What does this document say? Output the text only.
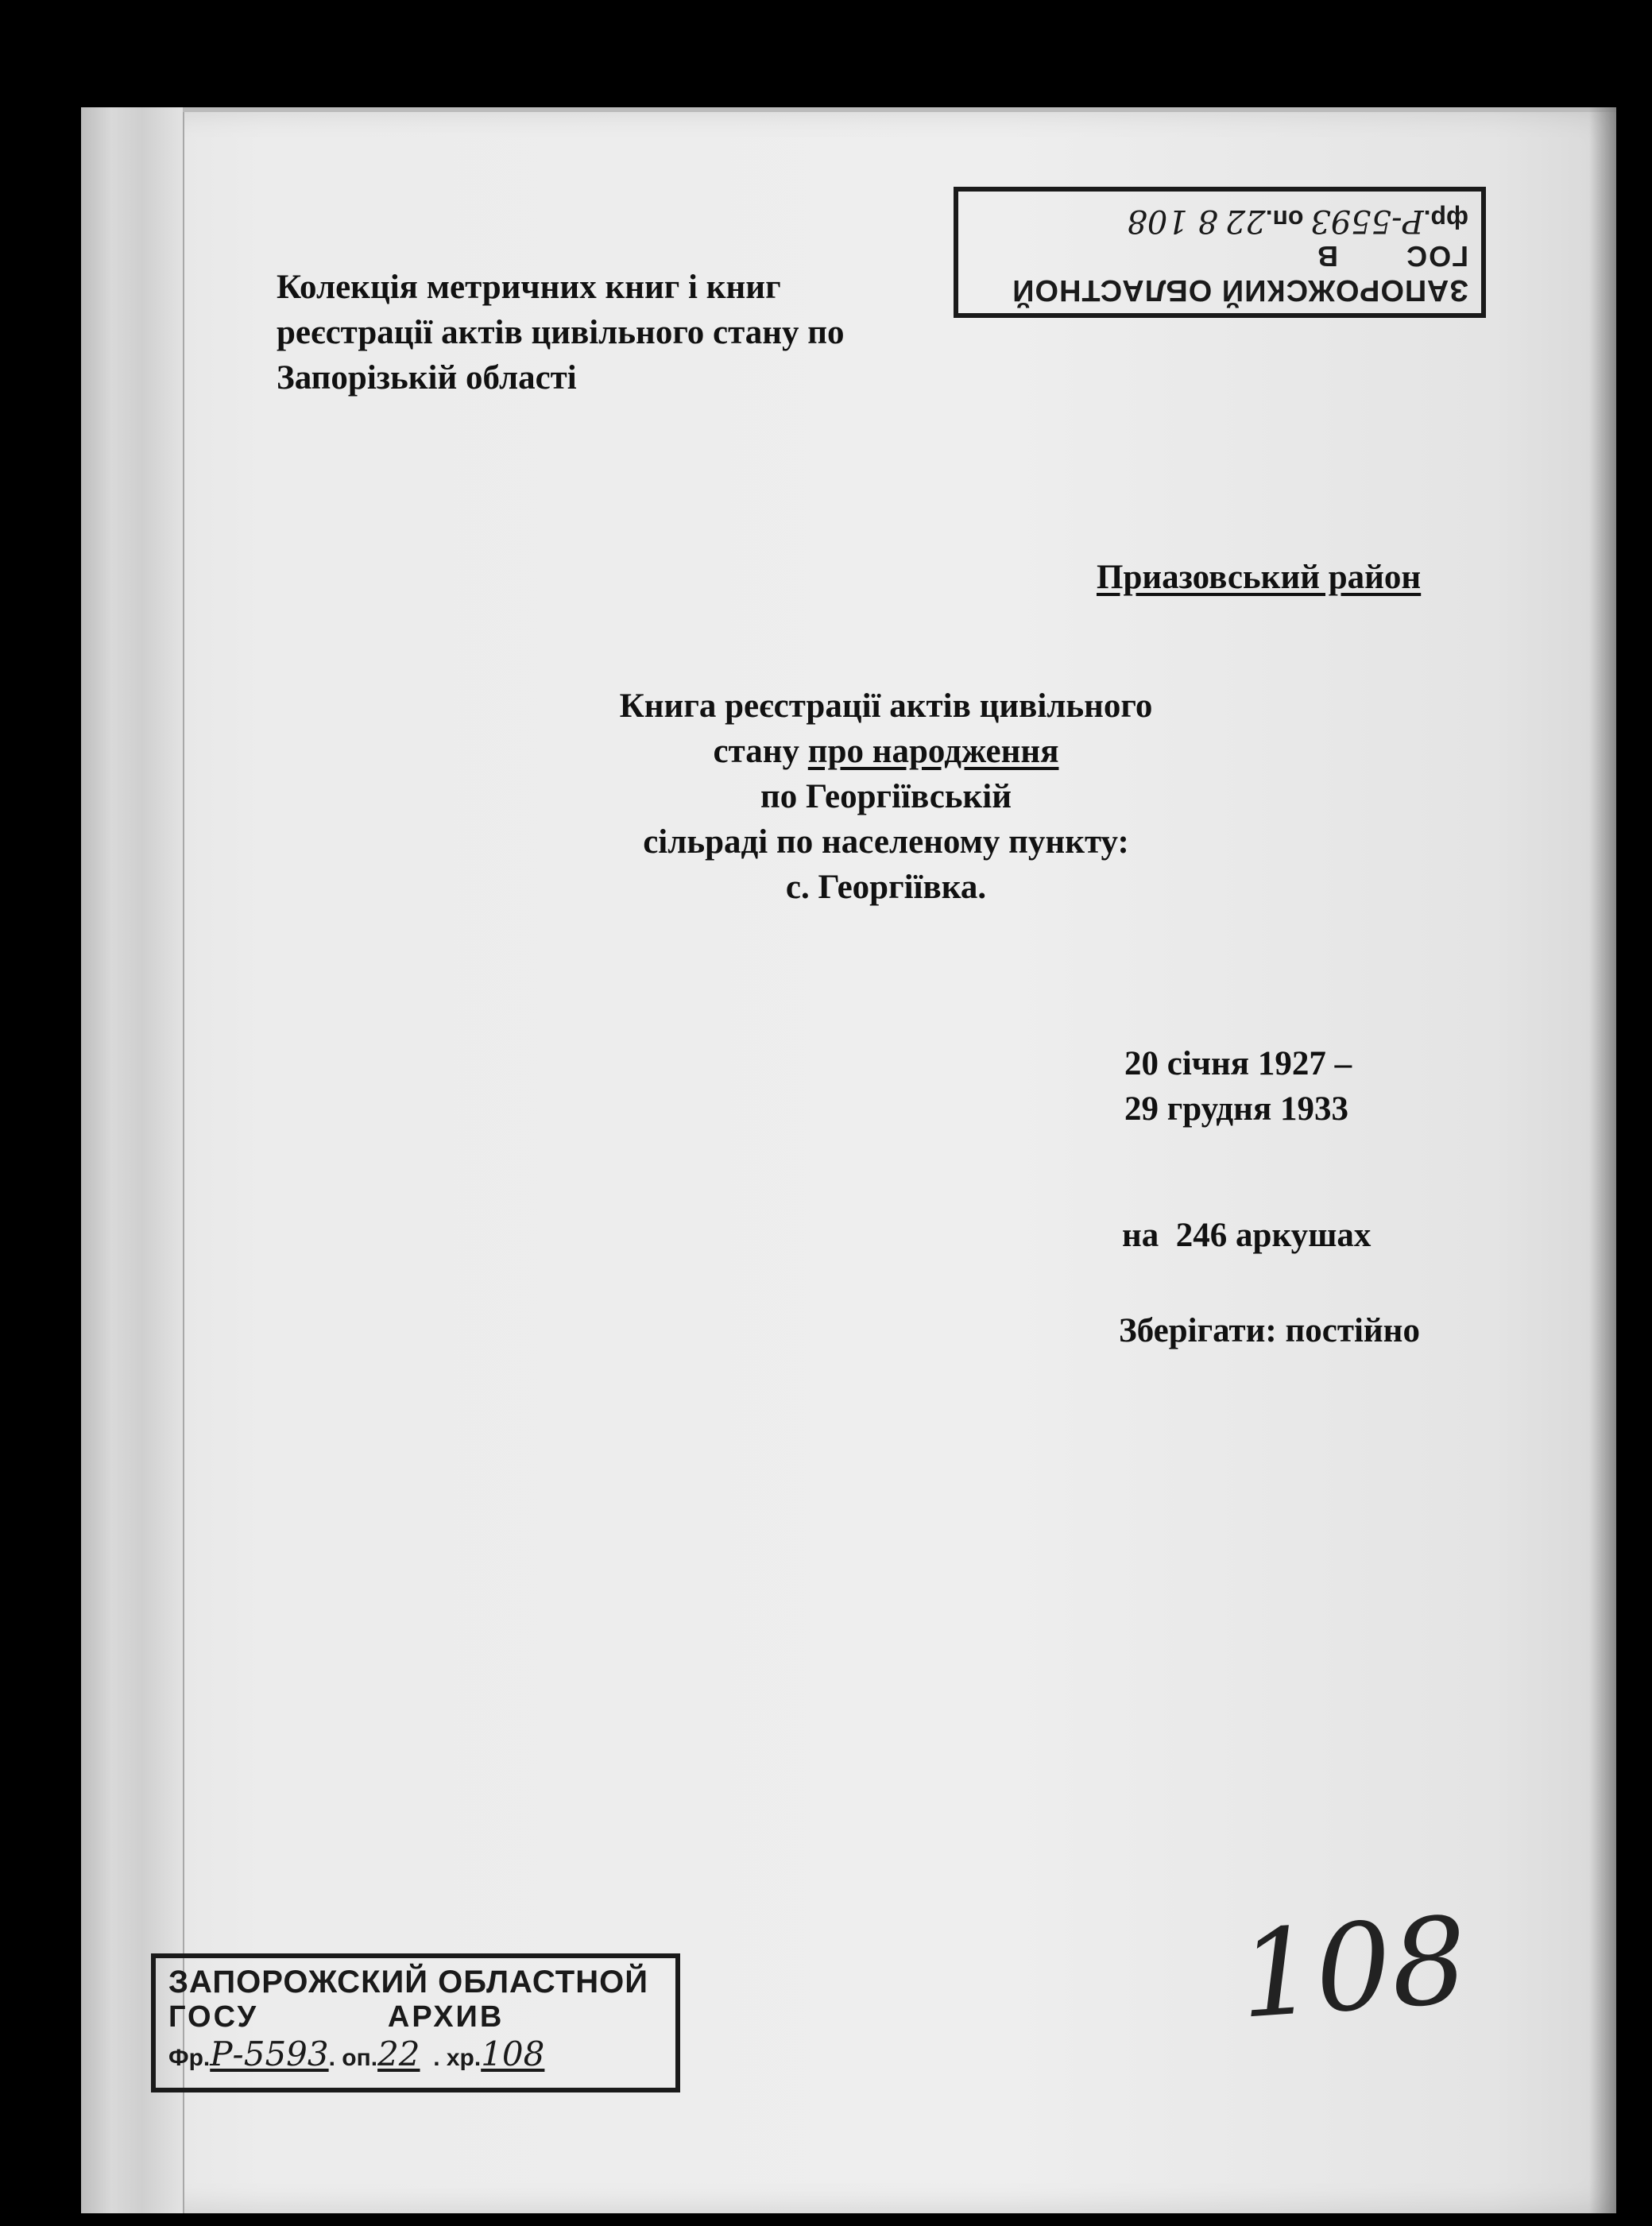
Колекція метричних книг і книг реєстрації актів цивільного стану по Запорізькій області
Приазовський район
Книга реєстрації актів цивільного
стану про народження
по Георгіївській
сільраді по населеному пункту:
с. Георгіївка.
20 січня 1927 –
29 грудня 1933
на  246 аркушах
Зберігати: постійно
ЗАПОРОЖСКИЙ ОБЛАСТНОЙ
ГОС       В
фр.Р-5593 оп.22 8 108
ЗАПОРОЖСКИЙ ОБЛАСТНОЙ
ГОСУ            АРХИВ
Фр.Р-5593. оп.22 . хр.108
108
